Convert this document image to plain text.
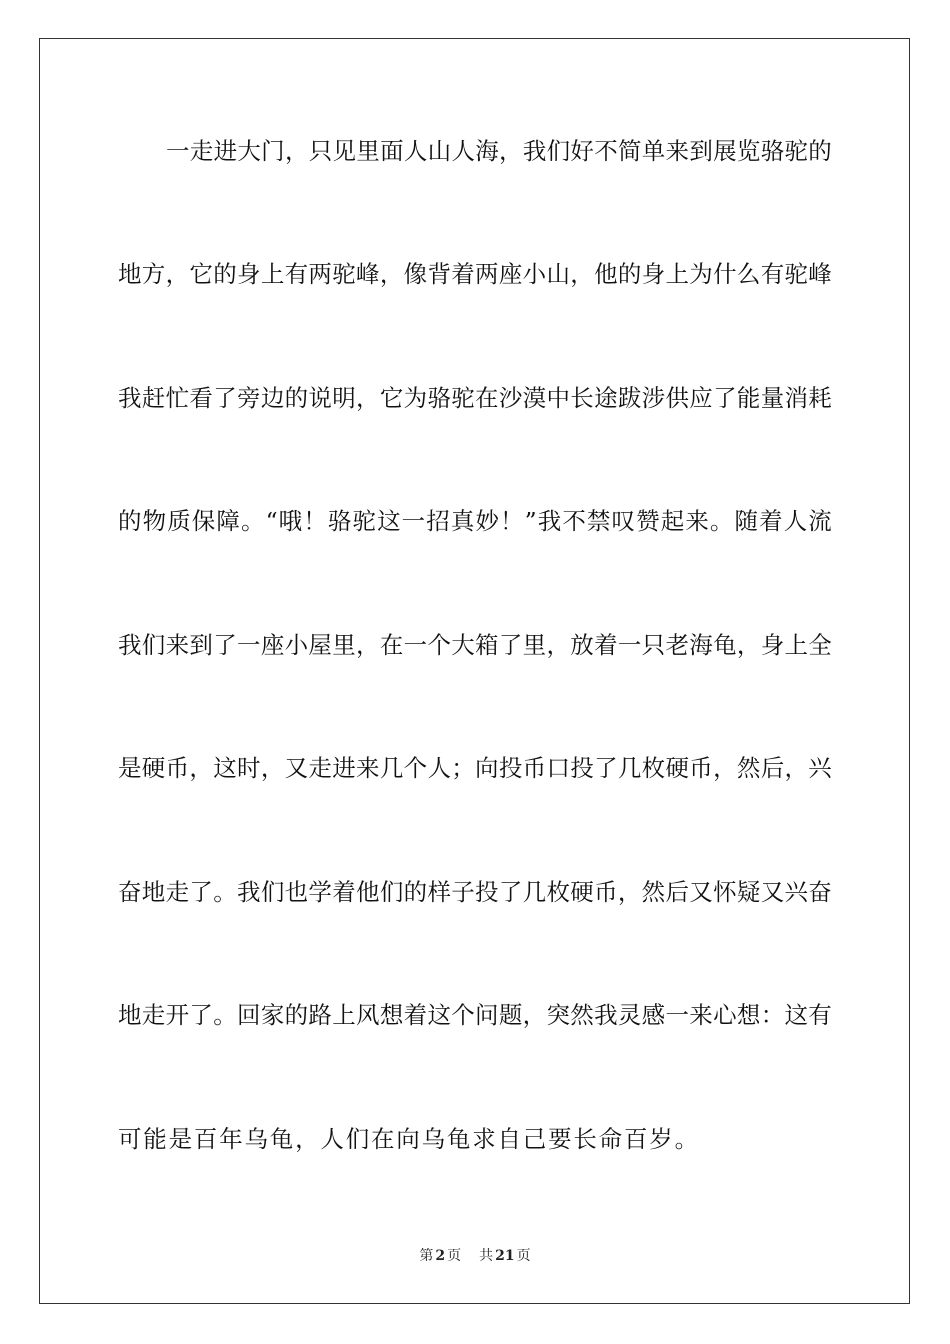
一走进大门，只见里面人山人海，我们好不简单来到展览骆驼的
地方，它的身上有两驼峰，像背着两座小山，他的身上为什么有驼峰
我赶忙看了旁边的说明，它为骆驼在沙漠中长途跋涉供应了能量消耗
的物质保障。“哦！骆驼这一招真妙！”我不禁叹赞起来。随着人流
我们来到了一座小屋里，在一个大箱了里，放着一只老海龟，身上全
是硬币，这时，又走进来几个人；向投币口投了几枚硬币，然后，兴
奋地走了。我们也学着他们的样子投了几枚硬币，然后又怀疑又兴奋
地走开了。回家的路上风想着这个问题，突然我灵感一来心想：这有
可能是百年乌龟，人们在向乌龟求自己要长命百岁。
第 2 页 共 21 页
